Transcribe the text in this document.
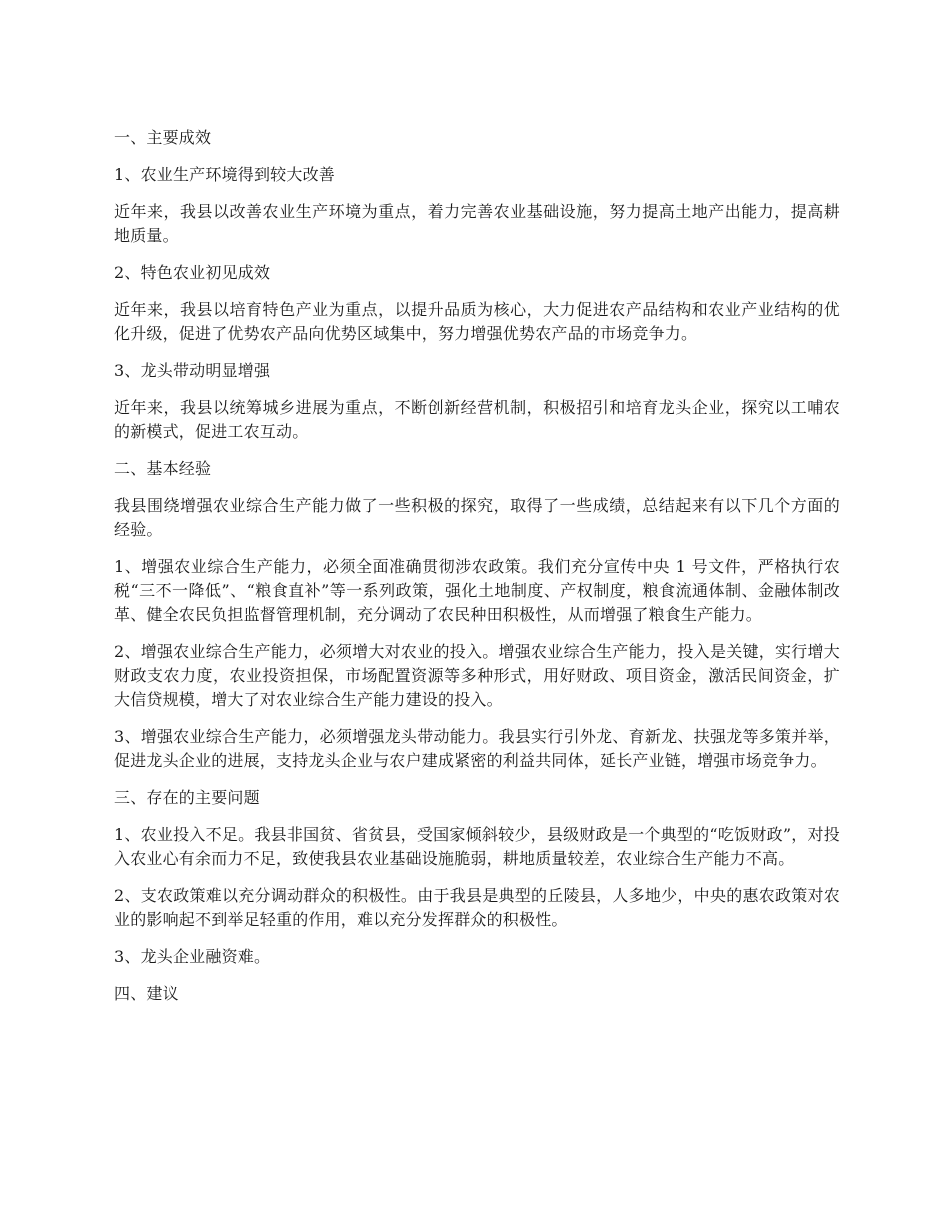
一、主要成效

1、农业生产环境得到较大改善

近年来，我县以改善农业生产环境为重点，着力完善农业基础设施，努力提高土地产出能力，提高耕地质量。

2、特色农业初见成效

近年来，我县以培育特色产业为重点，以提升品质为核心，大力促进农产品结构和农业产业结构的优化升级，促进了优势农产品向优势区域集中，努力增强优势农产品的市场竞争力。

3、龙头带动明显增强

近年来，我县以统筹城乡进展为重点，不断创新经营机制，积极招引和培育龙头企业，探究以工哺农的新模式，促进工农互动。

二、基本经验

我县围绕增强农业综合生产能力做了一些积极的探究，取得了一些成绩，总结起来有以下几个方面的经验。

1、增强农业综合生产能力，必须全面准确贯彻涉农政策。我们充分宣传中央 1 号文件，严格执行农税“三不一降低”、“粮食直补”等一系列政策，强化土地制度、产权制度，粮食流通体制、金融体制改革、健全农民负担监督管理机制，充分调动了农民种田积极性，从而增强了粮食生产能力。

2、增强农业综合生产能力，必须增大对农业的投入。增强农业综合生产能力，投入是关键，实行增大财政支农力度，农业投资担保，市场配置资源等多种形式，用好财政、项目资金，激活民间资金，扩大信贷规模，增大了对农业综合生产能力建设的投入。

3、增强农业综合生产能力，必须增强龙头带动能力。我县实行引外龙、育新龙、扶强龙等多策并举，促进龙头企业的进展，支持龙头企业与农户建成紧密的利益共同体，延长产业链，增强市场竞争力。

三、存在的主要问题

1、农业投入不足。我县非国贫、省贫县，受国家倾斜较少，县级财政是一个典型的“吃饭财政”，对投入农业心有余而力不足，致使我县农业基础设施脆弱，耕地质量较差，农业综合生产能力不高。

2、支农政策难以充分调动群众的积极性。由于我县是典型的丘陵县，人多地少，中央的惠农政策对农业的影响起不到举足轻重的作用，难以充分发挥群众的积极性。

3、龙头企业融资难。

四、建议
